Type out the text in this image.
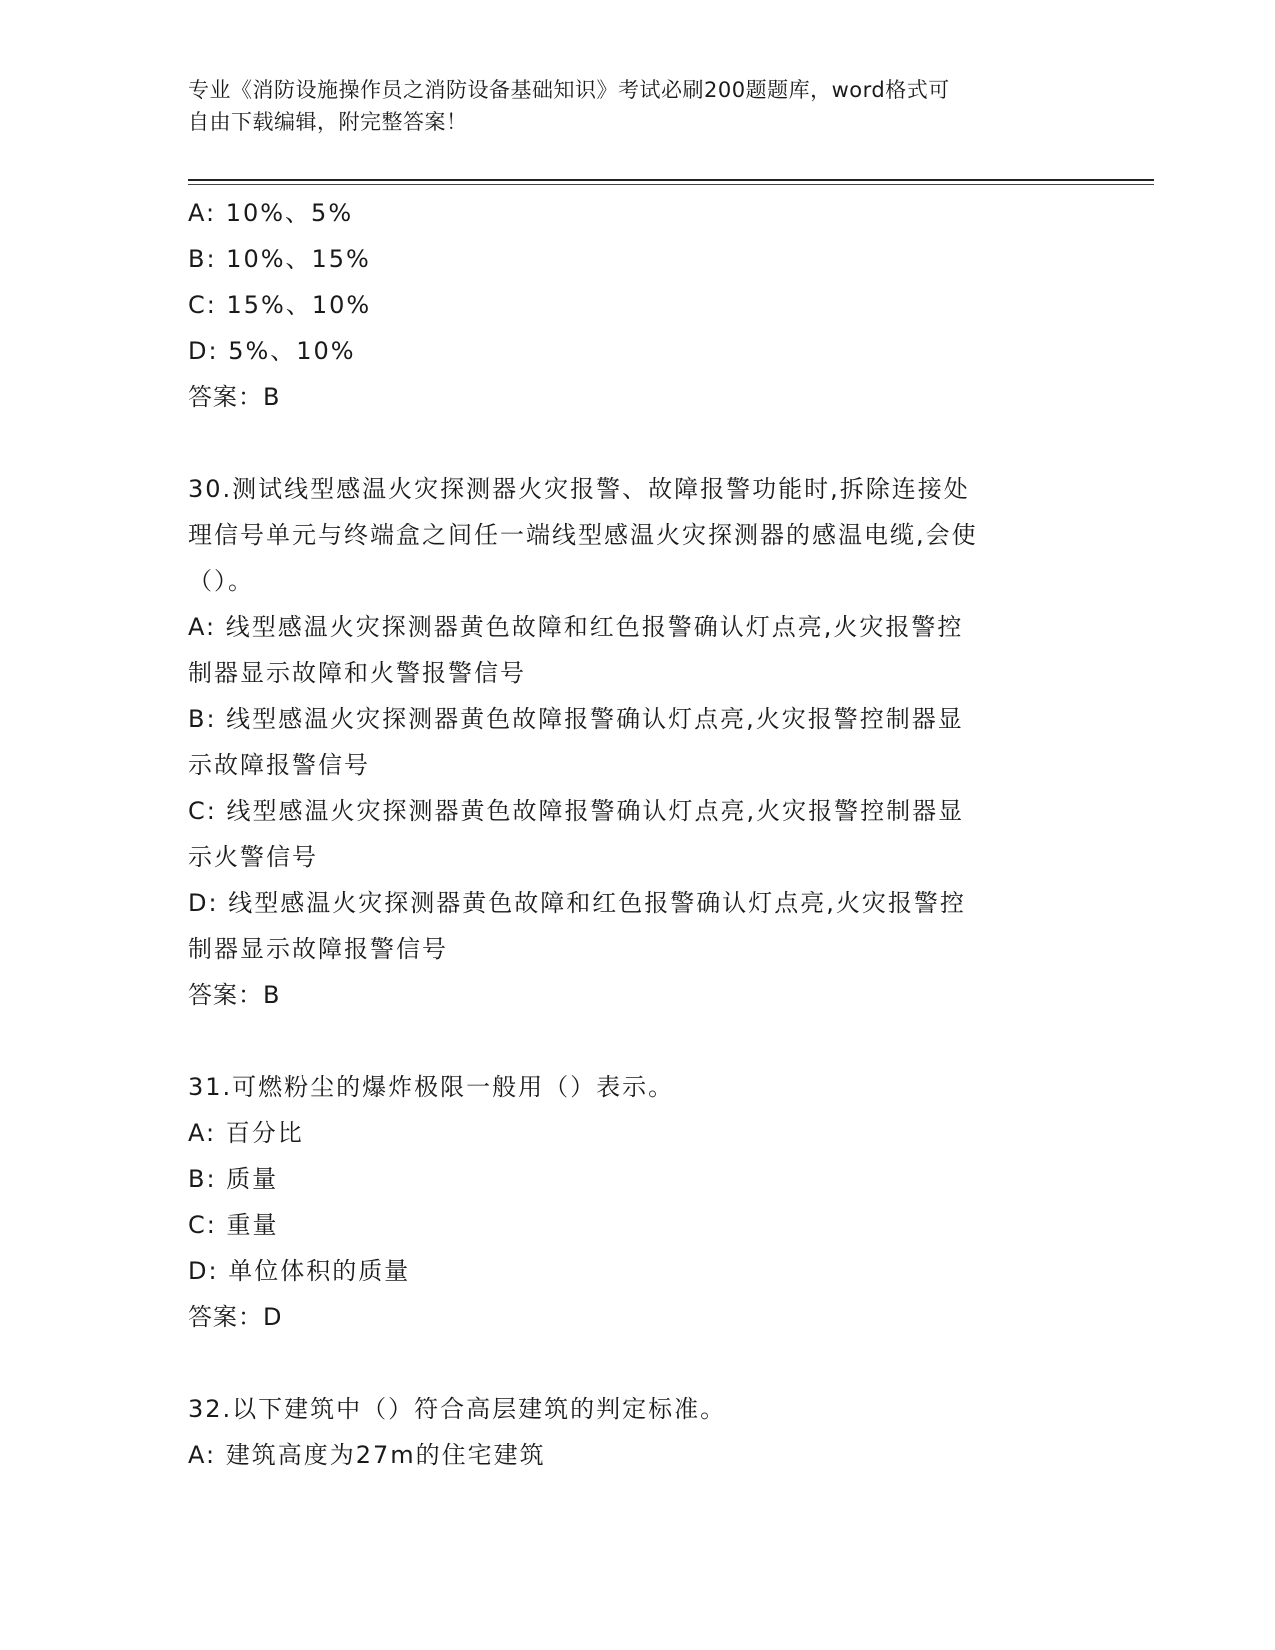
专业《消防设施操作员之消防设备基础知识》考试必刷200题题库，word格式可
自由下载编辑，附完整答案！
A: 10%、5%
B: 10%、15%
C: 15%、10%
D: 5%、10%
答案：B
30.测试线型感温火灾探测器火灾报警、故障报警功能时,拆除连接处
理信号单元与终端盒之间任一端线型感温火灾探测器的感温电缆,会使
（）。
A: 线型感温火灾探测器黄色故障和红色报警确认灯点亮,火灾报警控
制器显示故障和火警报警信号
B: 线型感温火灾探测器黄色故障报警确认灯点亮,火灾报警控制器显
示故障报警信号
C: 线型感温火灾探测器黄色故障报警确认灯点亮,火灾报警控制器显
示火警信号
D: 线型感温火灾探测器黄色故障和红色报警确认灯点亮,火灾报警控
制器显示故障报警信号
答案：B
31.可燃粉尘的爆炸极限一般用（）表示。
A: 百分比
B: 质量
C: 重量
D: 单位体积的质量
答案：D
32.以下建筑中（）符合高层建筑的判定标准。
A: 建筑高度为27m的住宅建筑
